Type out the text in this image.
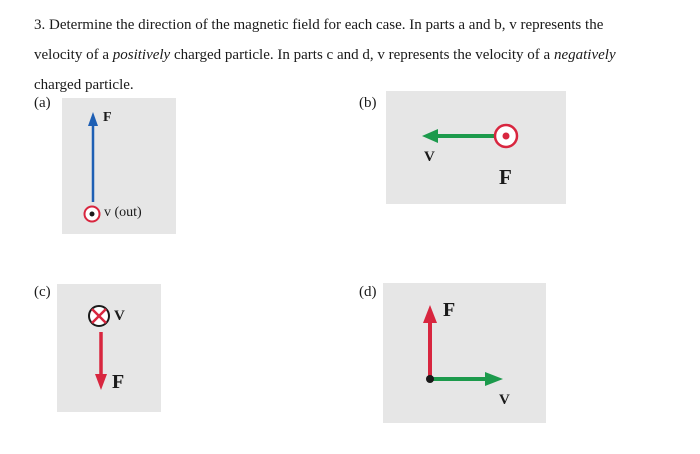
3. Determine the direction of the magnetic field for each case. In parts a and b, v represents the
velocity of a positively charged particle. In parts c and d, v represents the velocity of a negatively
charged particle.
(a)
F
v (out)
(b)
V
F
(c)
V
F
(d)
F
V
